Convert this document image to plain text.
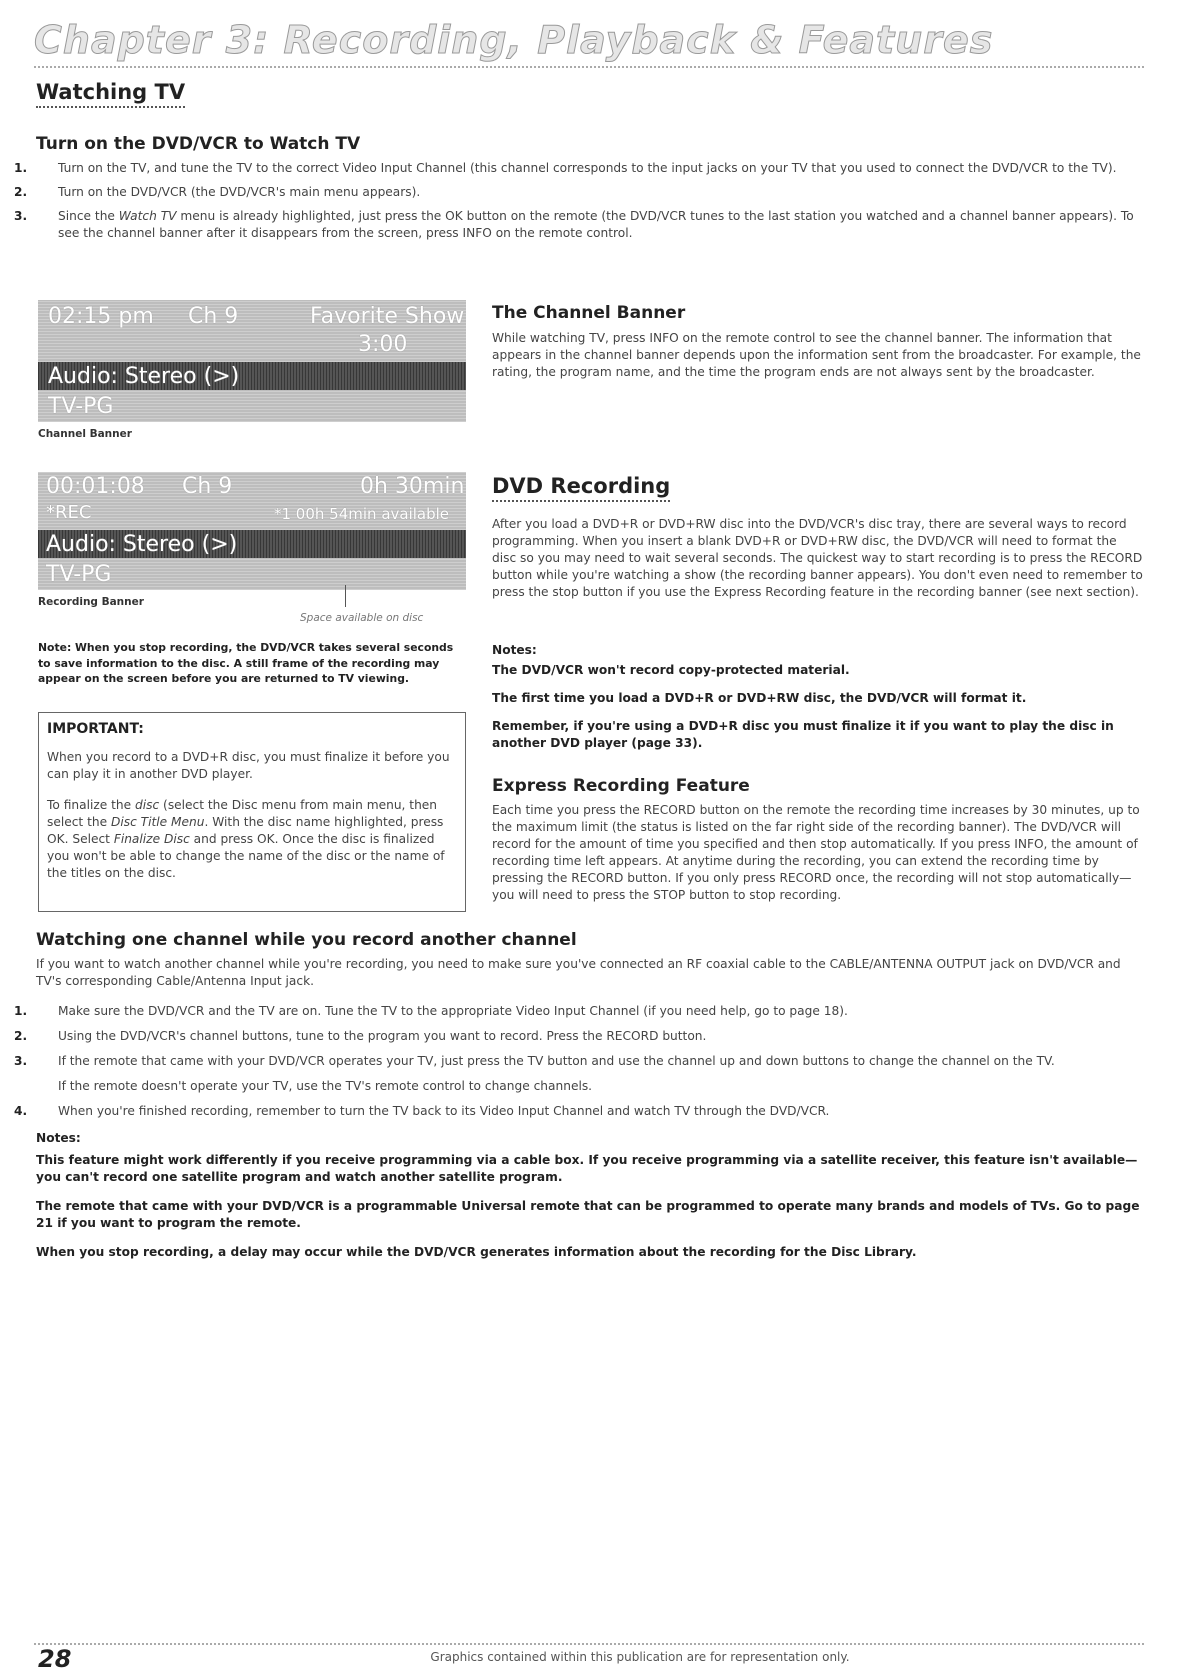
Chapter 3: Recording, Playback & Features
Watching TV
Turn on the DVD/VCR to Watch TV
1.	Turn on the TV, and tune the TV to the correct Video Input Channel (this channel corresponds to the input jacks on your TV that you used to connect the DVD/VCR to the TV).
2.	Turn on the DVD/VCR (the DVD/VCR's main menu appears).
3.	Since the Watch TV menu is already highlighted, just press the OK button on the remote (the DVD/VCR tunes to the last station you watched and a channel banner appears). To see the channel banner after it disappears from the screen, press INFO on the remote control.
02:15 pm Ch 9	Favorite Show
3:00
Audio: Stereo (>)
TV-PG
Channel Banner
The Channel Banner
While watching TV, press INFO on the remote control to see the channel banner. The information that appears in the channel banner depends upon the information sent from the broadcaster. For example, the rating, the program name, and the time the program ends are not always sent by the broadcaster.
00:01:08 Ch 9	0h 30min
*REC	*1 00h 54min available
Audio: Stereo (>)
TV-PG
Recording Banner
Space available on disc
Note: When you stop recording, the DVD/VCR takes several seconds to save information to the disc. A still frame of the recording may appear on the screen before you are returned to TV viewing.
IMPORTANT:
When you record to a DVD+R disc, you must finalize it before you can play it in another DVD player.
To finalize the disc (select the Disc menu from main menu, then select the Disc Title Menu. With the disc name highlighted, press OK. Select Finalize Disc and press OK. Once the disc is finalized you won't be able to change the name of the disc or the name of the titles on the disc.
DVD Recording
After you load a DVD+R or DVD+RW disc into the DVD/VCR's disc tray, there are several ways to record programming. When you insert a blank DVD+R or DVD+RW disc, the DVD/VCR will need to format the disc so you may need to wait several seconds. The quickest way to start recording is to press the RECORD button while you're watching a show (the recording banner appears). You don't even need to remember to press the stop button if you use the Express Recording feature in the recording banner (see next section).
Notes:
The DVD/VCR won't record copy-protected material.
The first time you load a DVD+R or DVD+RW disc, the DVD/VCR will format it.
Remember, if you're using a DVD+R disc you must finalize it if you want to play the disc in another DVD player (page 33).
Express Recording Feature
Each time you press the RECORD button on the remote the recording time increases by 30 minutes, up to the maximum limit (the status is listed on the far right side of the recording banner). The DVD/VCR will record for the amount of time you specified and then stop automatically. If you press INFO, the amount of recording time left appears. At anytime during the recording, you can extend the recording time by pressing the RECORD button. If you only press RECORD once, the recording will not stop automatically—you will need to press the STOP button to stop recording.
Watching one channel while you record another channel
If you want to watch another channel while you're recording, you need to make sure you've connected an RF coaxial cable to the CABLE/ANTENNA OUTPUT jack on DVD/VCR and TV's corresponding Cable/Antenna Input jack.
1.	Make sure the DVD/VCR and the TV are on. Tune the TV to the appropriate Video Input Channel (if you need help, go to page 18).
2.	Using the DVD/VCR's channel buttons, tune to the program you want to record. Press the RECORD button.
3.	If the remote that came with your DVD/VCR operates your TV, just press the TV button and use the channel up and down buttons to change the channel on the TV.
If the remote doesn't operate your TV, use the TV's remote control to change channels.
4.	When you're finished recording, remember to turn the TV back to its Video Input Channel and watch TV through the DVD/VCR.
Notes:
This feature might work differently if you receive programming via a cable box. If you receive programming via a satellite receiver, this feature isn't available—you can't record one satellite program and watch another satellite program.
The remote that came with your DVD/VCR is a programmable Universal remote that can be programmed to operate many brands and models of TVs. Go to page 21 if you want to program the remote.
When you stop recording, a delay may occur while the DVD/VCR generates information about the recording for the Disc Library.
28	Graphics contained within this publication are for representation only.
